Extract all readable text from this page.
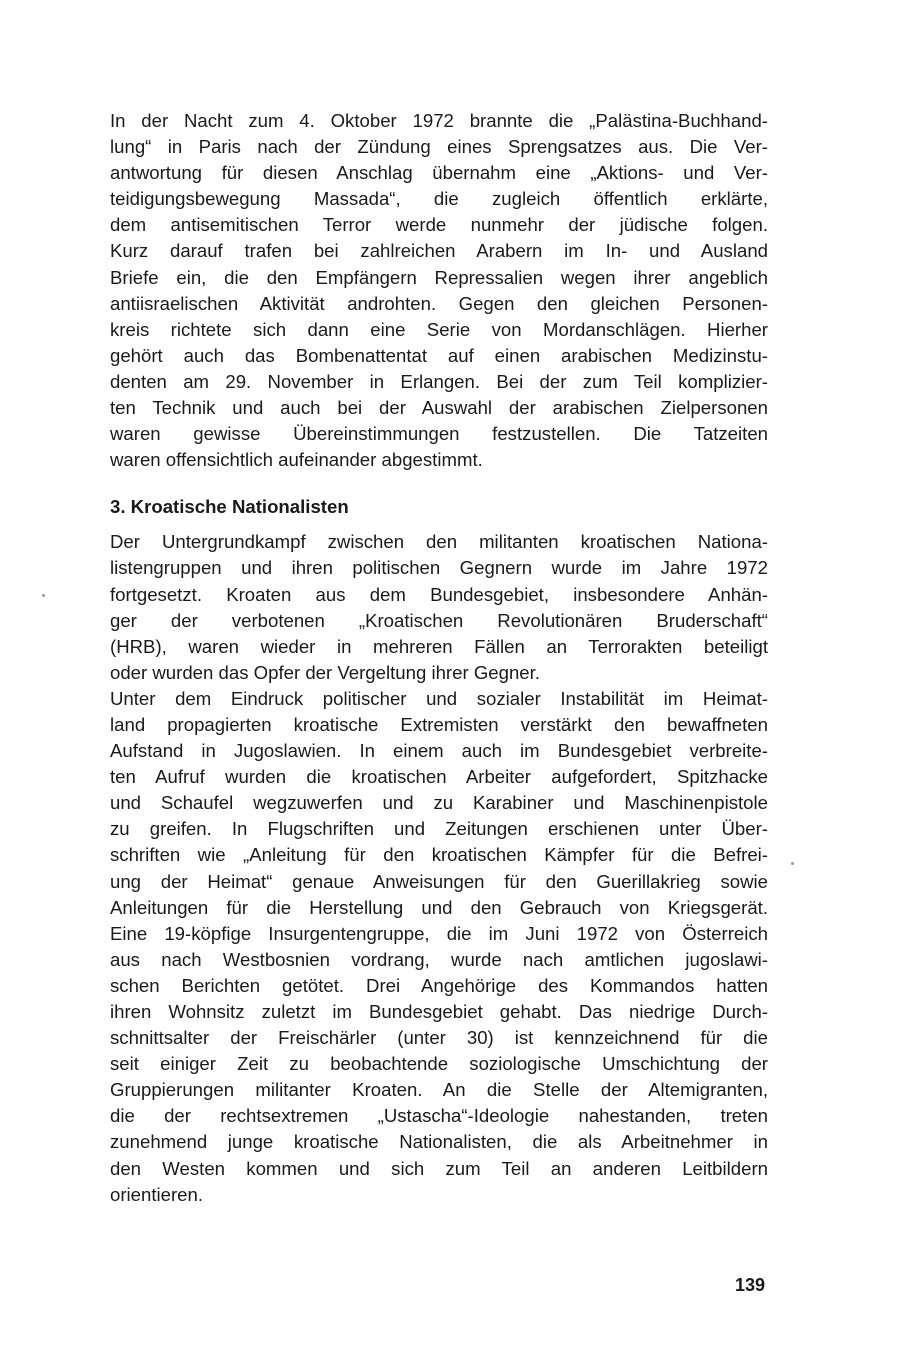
In der Nacht zum 4. Oktober 1972 brannte die „Palästina-Buchhand-
lung“ in Paris nach der Zündung eines Sprengsatzes aus. Die Ver-
antwortung für diesen Anschlag übernahm eine „Aktions- und Ver-
teidigungsbewegung Massada“, die zugleich öffentlich erklärte,
dem antisemitischen Terror werde nunmehr der jüdische folgen.
Kurz darauf trafen bei zahlreichen Arabern im In- und Ausland
Briefe ein, die den Empfängern Repressalien wegen ihrer angeblich
antiisraelischen Aktivität androhten. Gegen den gleichen Personen-
kreis richtete sich dann eine Serie von Mordanschlägen. Hierher
gehört auch das Bombenattentat auf einen arabischen Medizinstu-
denten am 29. November in Erlangen. Bei der zum Teil komplizier-
ten Technik und auch bei der Auswahl der arabischen Zielpersonen
waren gewisse Übereinstimmungen festzustellen. Die Tatzeiten
waren offensichtlich aufeinander abgestimmt.
3. Kroatische Nationalisten
Der Untergrundkampf zwischen den militanten kroatischen Nationa-
listengruppen und ihren politischen Gegnern wurde im Jahre 1972
fortgesetzt. Kroaten aus dem Bundesgebiet, insbesondere Anhän-
ger der verbotenen „Kroatischen Revolutionären Bruderschaft“
(HRB), waren wieder in mehreren Fällen an Terrorakten beteiligt
oder wurden das Opfer der Vergeltung ihrer Gegner.
Unter dem Eindruck politischer und sozialer Instabilität im Heimat-
land propagierten kroatische Extremisten verstärkt den bewaffneten
Aufstand in Jugoslawien. In einem auch im Bundesgebiet verbreite-
ten Aufruf wurden die kroatischen Arbeiter aufgefordert, Spitzhacke
und Schaufel wegzuwerfen und zu Karabiner und Maschinenpistole
zu greifen. In Flugschriften und Zeitungen erschienen unter Über-
schriften wie „Anleitung für den kroatischen Kämpfer für die Befrei-
ung der Heimat“ genaue Anweisungen für den Guerillakrieg sowie
Anleitungen für die Herstellung und den Gebrauch von Kriegsgerät.
Eine 19-köpfige Insurgentengruppe, die im Juni 1972 von Österreich
aus nach Westbosnien vordrang, wurde nach amtlichen jugoslawi-
schen Berichten getötet. Drei Angehörige des Kommandos hatten
ihren Wohnsitz zuletzt im Bundesgebiet gehabt. Das niedrige Durch-
schnittsalter der Freischärler (unter 30) ist kennzeichnend für die
seit einiger Zeit zu beobachtende soziologische Umschichtung der
Gruppierungen militanter Kroaten. An die Stelle der Altemigranten,
die der rechtsextremen „Ustascha“-Ideologie nahestanden, treten
zunehmend junge kroatische Nationalisten, die als Arbeitnehmer in
den Westen kommen und sich zum Teil an anderen Leitbildern
orientieren.
139
